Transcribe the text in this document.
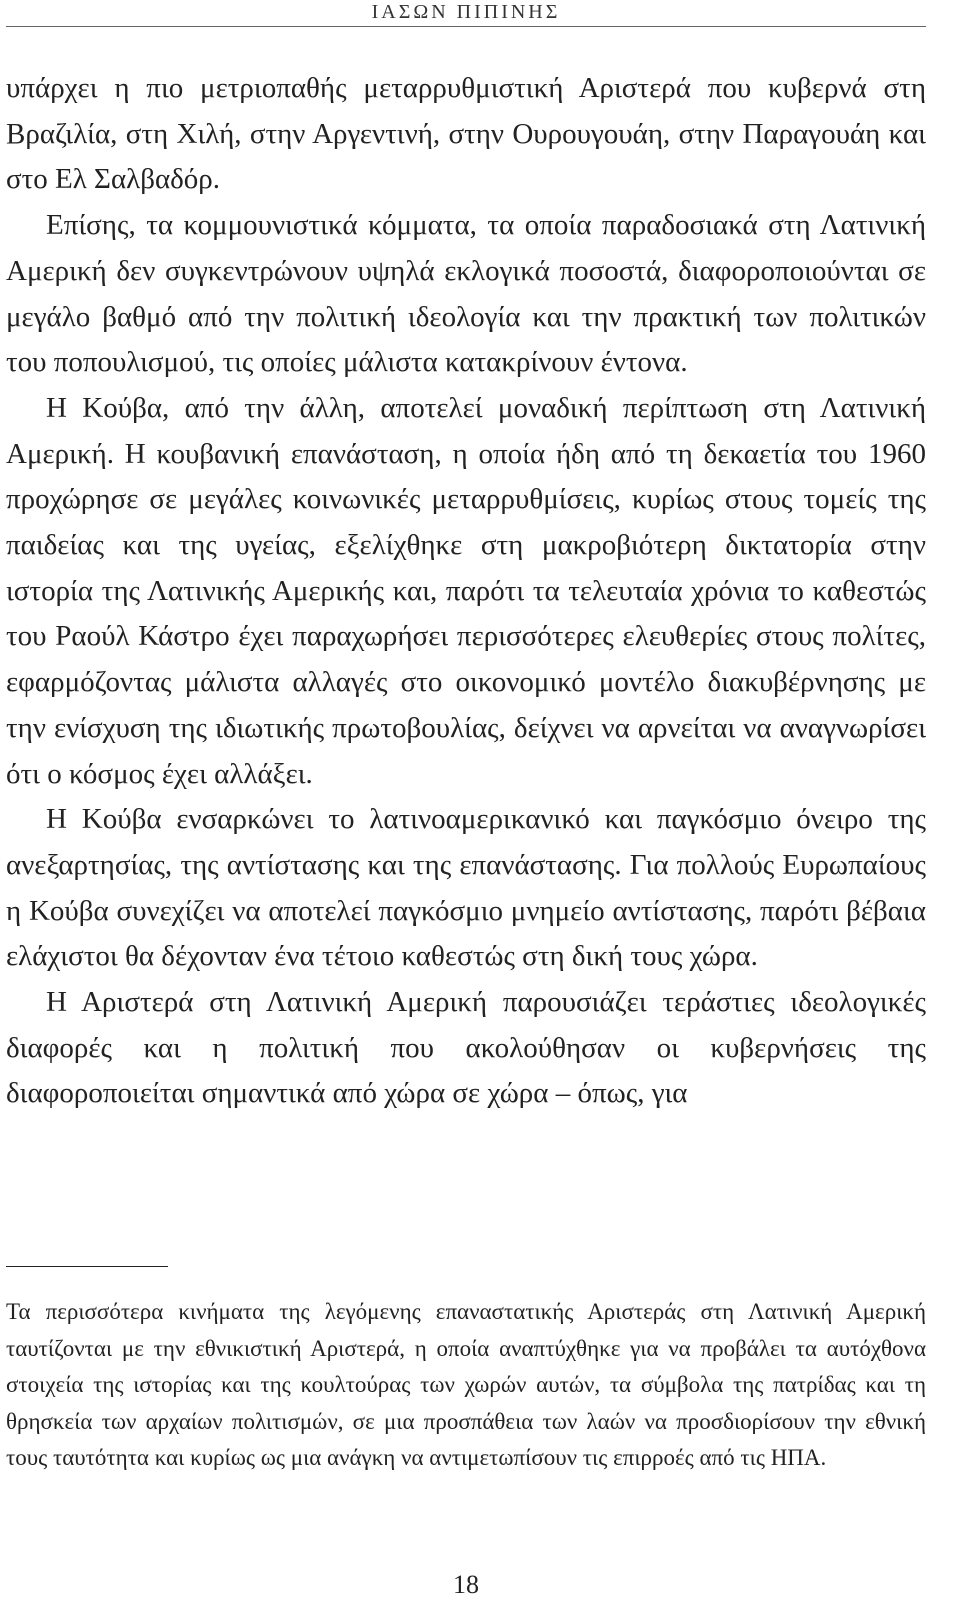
ΙΑΣΩΝ ΠΙΠΙΝΗΣ

υπάρχει η πιο μετριοπαθής μεταρρυθμιστική Αριστερά που κυβερνά στη Βραζιλία, στη Χιλή, στην Αργεντινή, στην Ουρουγουάη, στην Παραγουάη και στο Ελ Σαλβαδόρ.

Επίσης, τα κομμουνιστικά κόμματα, τα οποία παραδοσιακά στη Λατινική Αμερική δεν συγκεντρώνουν υψηλά εκλογικά ποσοστά, διαφοροποιούνται σε μεγάλο βαθμό από την πολιτική ιδεολογία και την πρακτική των πολιτικών του ποπουλισμού, τις οποίες μάλιστα κατακρίνουν έντονα.

Η Κούβα, από την άλλη, αποτελεί μοναδική περίπτωση στη Λατινική Αμερική. Η κουβανική επανάσταση, η οποία ήδη από τη δεκαετία του 1960 προχώρησε σε μεγάλες κοινωνικές μεταρρυθμίσεις, κυρίως στους τομείς της παιδείας και της υγείας, εξελίχθηκε στη μακροβιότερη δικτατορία στην ιστορία της Λατινικής Αμερικής και, παρότι τα τελευταία χρόνια το καθεστώς του Ραούλ Κάστρο έχει παραχωρήσει περισσότερες ελευθερίες στους πολίτες, εφαρμόζοντας μάλιστα αλλαγές στο οικονομικό μοντέλο διακυβέρνησης με την ενίσχυση της ιδιωτικής πρωτοβουλίας, δείχνει να αρνείται να αναγνωρίσει ότι ο κόσμος έχει αλλάξει.

Η Κούβα ενσαρκώνει το λατινοαμερικανικό και παγκόσμιο όνειρο της ανεξαρτησίας, της αντίστασης και της επανάστασης. Για πολλούς Ευρωπαίους η Κούβα συνεχίζει να αποτελεί παγκόσμιο μνημείο αντίστασης, παρότι βέβαια ελάχιστοι θα δέχονταν ένα τέτοιο καθεστώς στη δική τους χώρα.

Η Αριστερά στη Λατινική Αμερική παρουσιάζει τεράστιες ιδεολογικές διαφορές και η πολιτική που ακολούθησαν οι κυβερνήσεις της διαφοροποιείται σημαντικά από χώρα σε χώρα – όπως, για

Τα περισσότερα κινήματα της λεγόμενης επαναστατικής Αριστεράς στη Λατινική Αμερική ταυτίζονται με την εθνικιστική Αριστερά, η οποία αναπτύχθηκε για να προβάλει τα αυτόχθονα στοιχεία της ιστορίας και της κουλτούρας των χωρών αυτών, τα σύμβολα της πατρίδας και τη θρησκεία των αρχαίων πολιτισμών, σε μια προσπάθεια των λαών να προσδιορίσουν την εθνική τους ταυτότητα και κυρίως ως μια ανάγκη να αντιμετωπίσουν τις επιρροές από τις ΗΠΑ.

18
